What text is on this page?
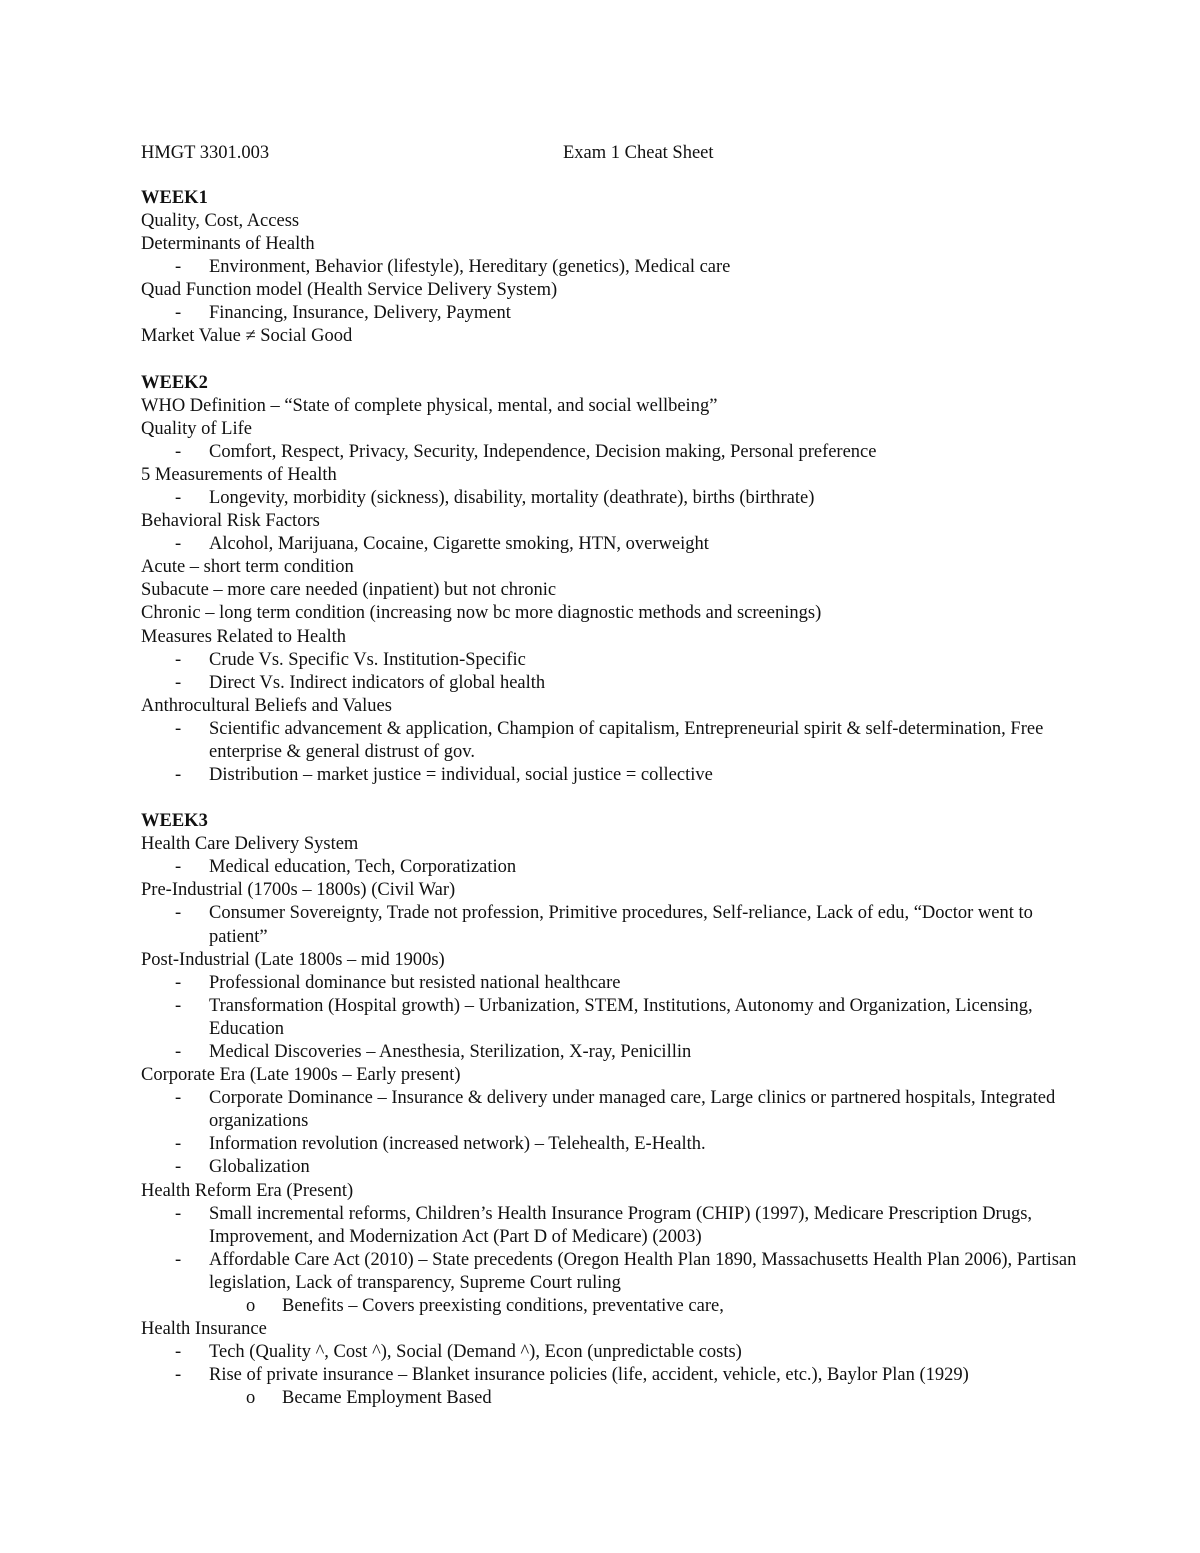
HMGT 3301.003	Exam 1 Cheat Sheet
WEEK1
Quality, Cost, Access
Determinants of Health
-	Environment, Behavior (lifestyle), Hereditary (genetics), Medical care
Quad Function model (Health Service Delivery System)
-	Financing, Insurance, Delivery, Payment
Market Value ≠ Social Good
WEEK2
WHO Definition – “State of complete physical, mental, and social wellbeing”
Quality of Life
-	Comfort, Respect, Privacy, Security, Independence, Decision making, Personal preference
5 Measurements of Health
-	Longevity, morbidity (sickness), disability, mortality (deathrate), births (birthrate)
Behavioral Risk Factors
-	Alcohol, Marijuana, Cocaine, Cigarette smoking, HTN, overweight
Acute – short term condition
Subacute – more care needed (inpatient) but not chronic
Chronic – long term condition (increasing now bc more diagnostic methods and screenings)
Measures Related to Health
-	Crude Vs. Specific Vs. Institution-Specific
-	Direct Vs. Indirect indicators of global health
Anthrocultural Beliefs and Values
-	Scientific advancement & application, Champion of capitalism, Entrepreneurial spirit & self-determination, Free enterprise & general distrust of gov.
-	Distribution – market justice = individual, social justice = collective
WEEK3
Health Care Delivery System
-	Medical education, Tech, Corporatization
Pre-Industrial (1700s – 1800s) (Civil War)
-	Consumer Sovereignty, Trade not profession, Primitive procedures, Self-reliance, Lack of edu, “Doctor went to patient”
Post-Industrial (Late 1800s – mid 1900s)
-	Professional dominance but resisted national healthcare
-	Transformation (Hospital growth) – Urbanization, STEM, Institutions, Autonomy and Organization, Licensing, Education
-	Medical Discoveries – Anesthesia, Sterilization, X-ray, Penicillin
Corporate Era (Late 1900s – Early present)
-	Corporate Dominance – Insurance & delivery under managed care, Large clinics or partnered hospitals, Integrated organizations
-	Information revolution (increased network) – Telehealth, E-Health.
-	Globalization
Health Reform Era (Present)
-	Small incremental reforms, Children’s Health Insurance Program (CHIP) (1997), Medicare Prescription Drugs, Improvement, and Modernization Act (Part D of Medicare) (2003)
-	Affordable Care Act (2010) – State precedents (Oregon Health Plan 1890, Massachusetts Health Plan 2006), Partisan legislation, Lack of transparency, Supreme Court ruling
o	Benefits – Covers preexisting conditions, preventative care,
Health Insurance
-	Tech (Quality ^, Cost ^), Social (Demand ^), Econ (unpredictable costs)
-	Rise of private insurance – Blanket insurance policies (life, accident, vehicle, etc.), Baylor Plan (1929)
o	Became Employment Based
